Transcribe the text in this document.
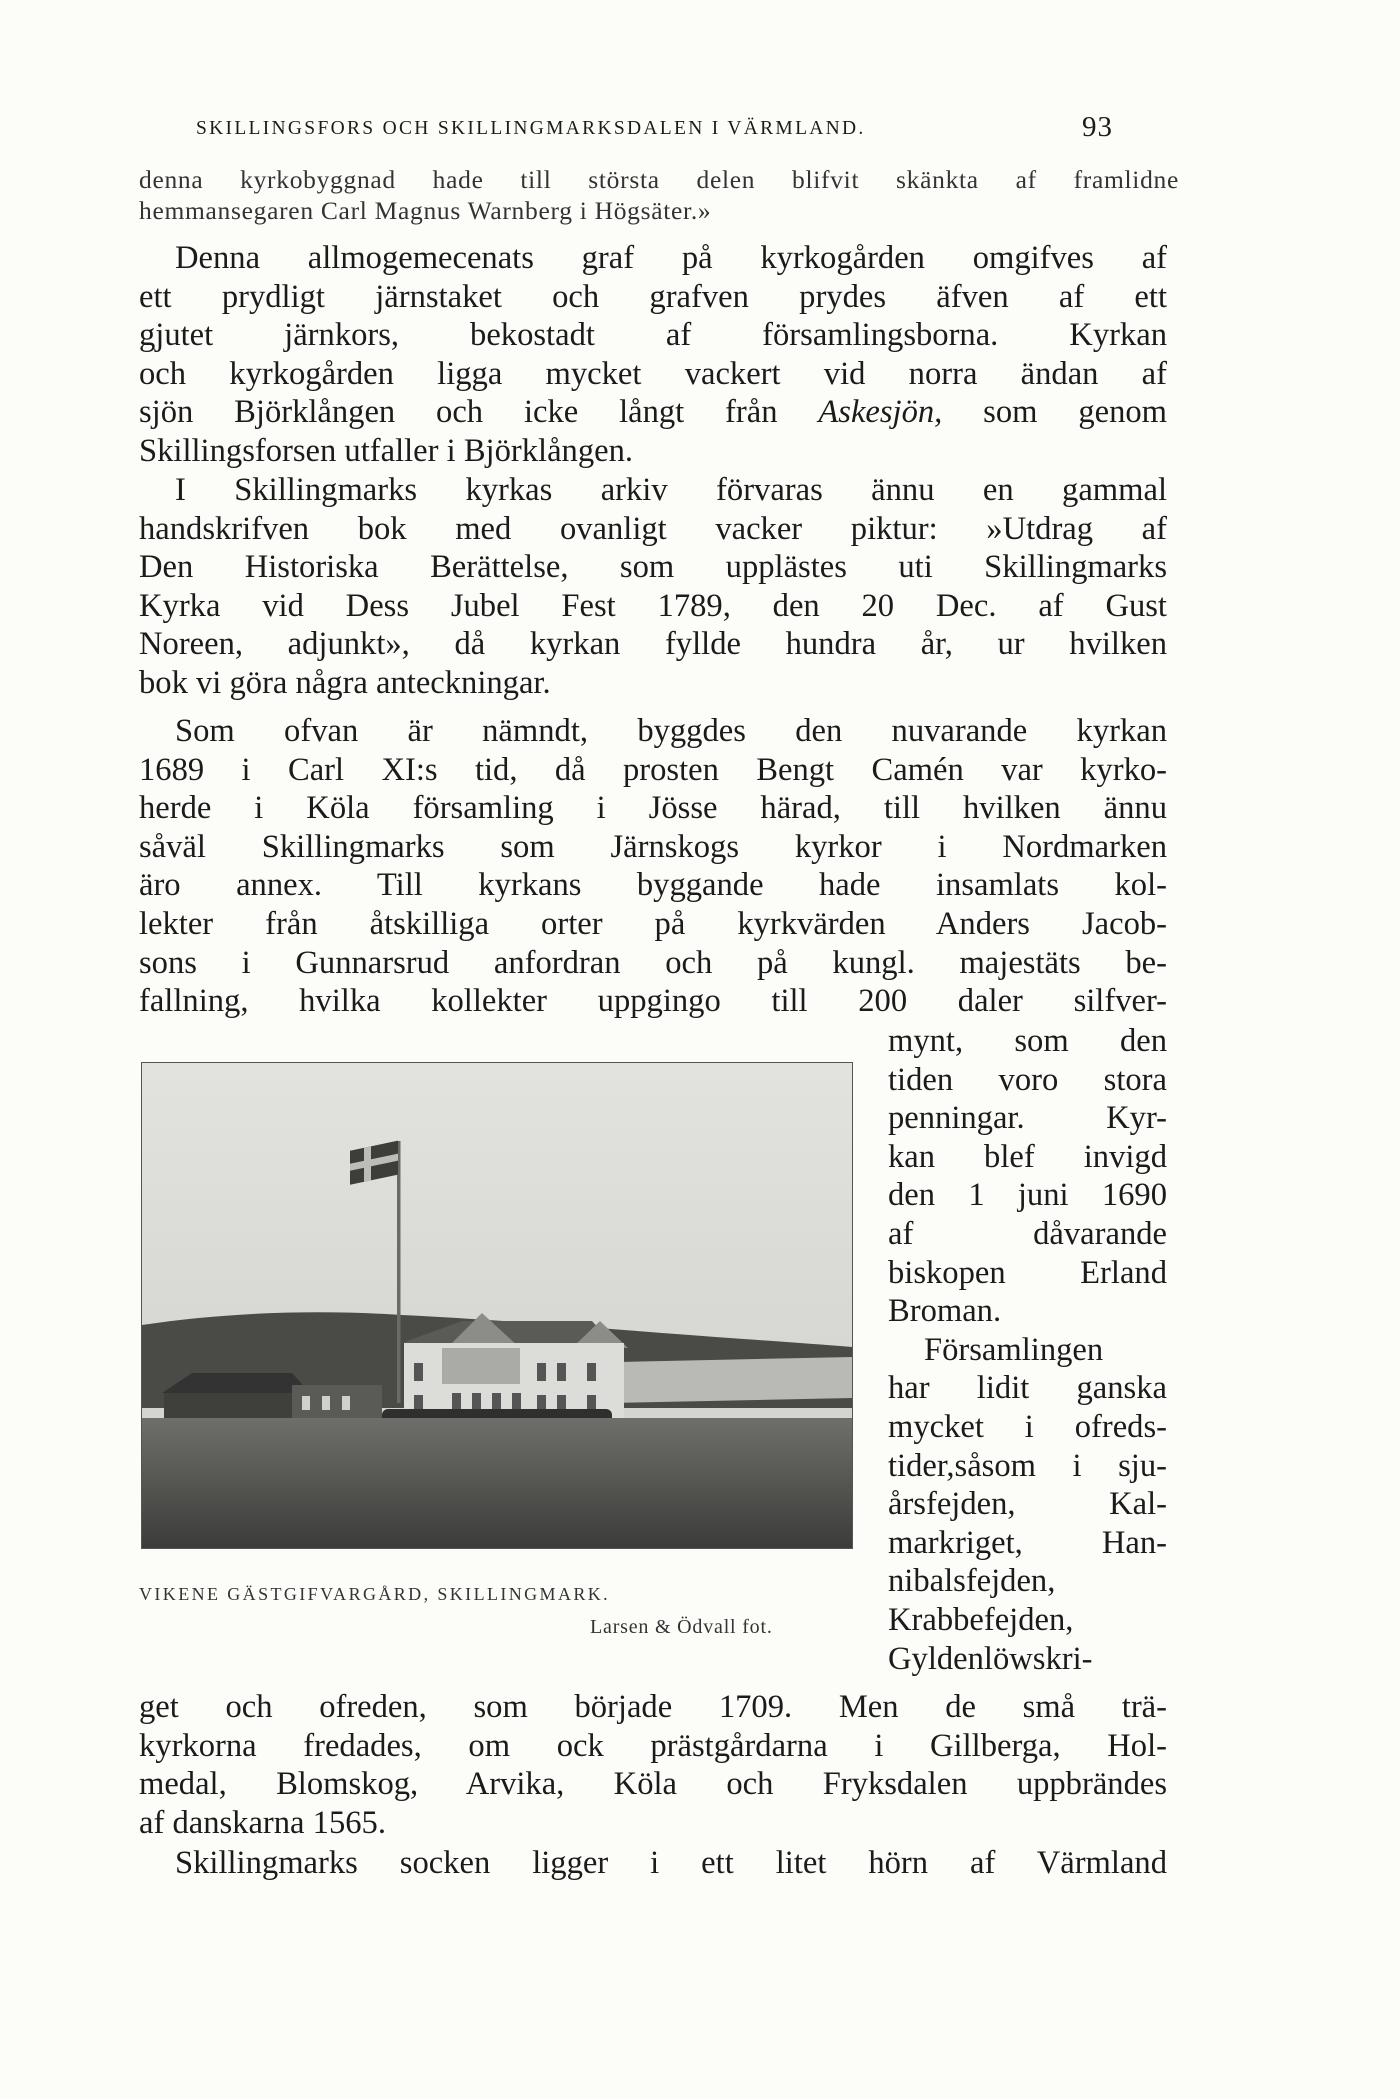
SKILLINGSFORS OCH SKILLINGMARKSDALEN I VÄRMLAND.	93
denna kyrkobyggnad hade till största delen blifvit skänkta af framlidne
hemmansegaren Carl Magnus Warnberg i Högsäter.»
Denna allmogemecenats graf på kyrkogården omgifves af
ett prydligt järnstaket och grafven prydes äfven af ett
gjutet järnkors, bekostadt af församlingsborna. Kyrkan
och kyrkogården ligga mycket vackert vid norra ändan af
sjön Björklången och icke långt från Askesjön, som genom
Skillingsforsen utfaller i Björklången.
I Skillingmarks kyrkas arkiv förvaras ännu en gammal
handskrifven bok med ovanligt vacker piktur: »Utdrag af
Den Historiska Berättelse, som upplästes uti Skillingmarks
Kyrka vid Dess Jubel Fest 1789, den 20 Dec. af Gust
Noreen, adjunkt», då kyrkan fyllde hundra år, ur hvilken
bok vi göra några anteckningar.
Som ofvan är nämndt, byggdes den nuvarande kyrkan
1689 i Carl XI:s tid, då prosten Bengt Camén var kyrko-
herde i Köla församling i Jösse härad, till hvilken ännu
såväl Skillingmarks som Järnskogs kyrkor i Nordmarken
äro annex. Till kyrkans byggande hade insamlats kol-
lekter från åtskilliga orter på kyrkvärden Anders Jacob-
sons i Gunnarsrud anfordran och på kungl. majestäts be-
fallning, hvilka kollekter uppgingo till 200 daler silfver-
mynt, som den
tiden voro stora
penningar. Kyr-
kan blef invigd
den 1 juni 1690
af dåvarande
biskopen Erland
Broman.
Församlingen
har lidit ganska
mycket i ofreds-
tider,såsom i sju-
årsfejden, Kal-
markriget, Han-
nibalsfejden,
Krabbefejden,
Gyldenlöwskri-
VIKENE GÄSTGIFVARGÅRD, SKILLINGMARK.
Larsen & Ödvall fot.
get och ofreden, som började 1709. Men de små trä-
kyrkorna fredades, om ock prästgårdarna i Gillberga, Hol-
medal, Blomskog, Arvika, Köla och Fryksdalen uppbrändes
af danskarna 1565.
Skillingmarks socken ligger i ett litet hörn af Värmland
